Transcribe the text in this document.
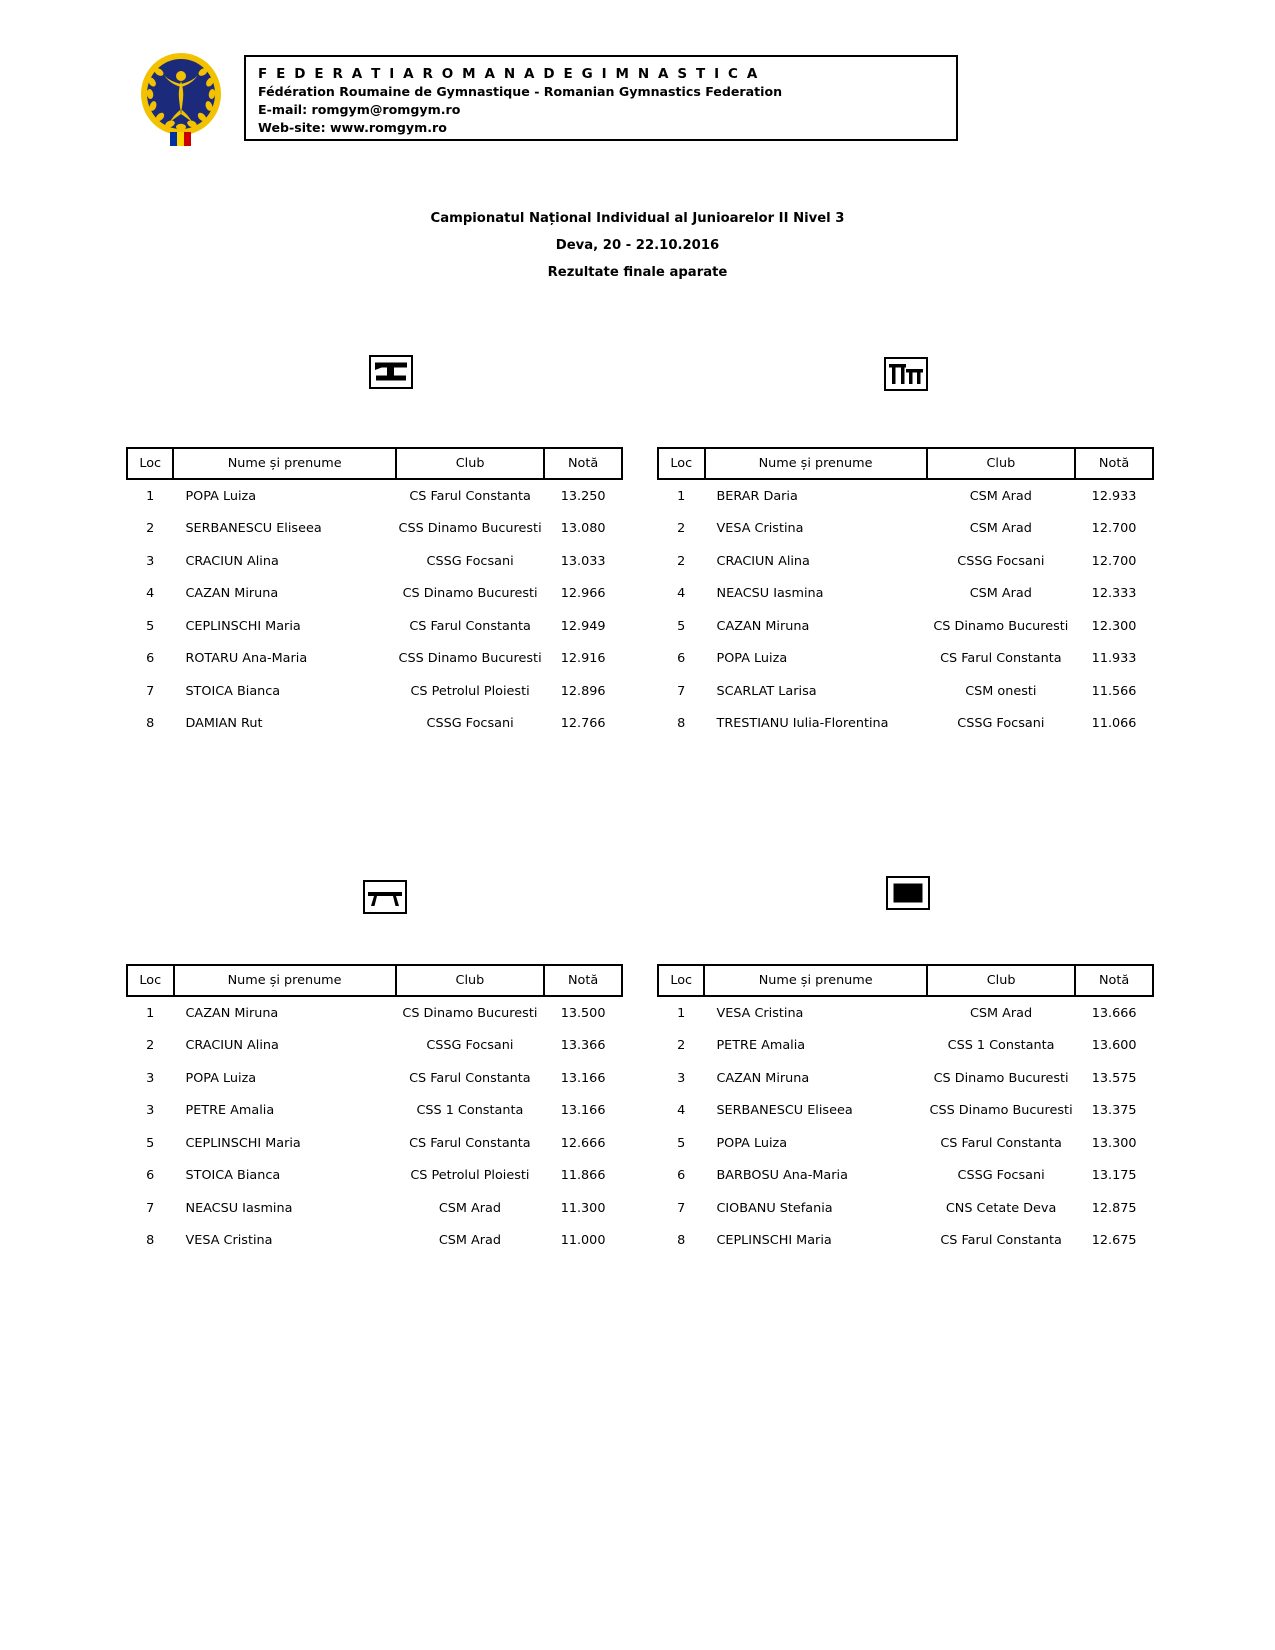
F E D E R A T I A R O M A N A D E G I M N A S T I C A
Fédération Roumaine de Gymnastique - Romanian Gymnastics Federation
E-mail: romgym@romgym.ro
Web-site: www.romgym.ro
Campionatul Național Individual al Junioarelor II Nivel 3
Deva, 20 - 22.10.2016
Rezultate finale aparate
Loc	Nume și prenume	Club	Notă
1	POPA Luiza	CS Farul Constanta	13.250
2	SERBANESCU Eliseea	CSS Dinamo Bucuresti	13.080
3	CRACIUN Alina	CSSG Focsani	13.033
4	CAZAN Miruna	CS Dinamo Bucuresti	12.966
5	CEPLINSCHI Maria	CS Farul Constanta	12.949
6	ROTARU Ana-Maria	CSS Dinamo Bucuresti	12.916
7	STOICA Bianca	CS Petrolul Ploiesti	12.896
8	DAMIAN Rut	CSSG Focsani	12.766
Loc	Nume și prenume	Club	Notă
1	BERAR Daria	CSM Arad	12.933
2	VESA Cristina	CSM Arad	12.700
2	CRACIUN Alina	CSSG Focsani	12.700
4	NEACSU Iasmina	CSM Arad	12.333
5	CAZAN Miruna	CS Dinamo Bucuresti	12.300
6	POPA Luiza	CS Farul Constanta	11.933
7	SCARLAT Larisa	CSM onesti	11.566
8	TRESTIANU Iulia-Florentina	CSSG Focsani	11.066
Loc	Nume și prenume	Club	Notă
1	CAZAN Miruna	CS Dinamo Bucuresti	13.500
2	CRACIUN Alina	CSSG Focsani	13.366
3	POPA Luiza	CS Farul Constanta	13.166
3	PETRE Amalia	CSS 1 Constanta	13.166
5	CEPLINSCHI Maria	CS Farul Constanta	12.666
6	STOICA Bianca	CS Petrolul Ploiesti	11.866
7	NEACSU Iasmina	CSM Arad	11.300
8	VESA Cristina	CSM Arad	11.000
Loc	Nume și prenume	Club	Notă
1	VESA Cristina	CSM Arad	13.666
2	PETRE Amalia	CSS 1 Constanta	13.600
3	CAZAN Miruna	CS Dinamo Bucuresti	13.575
4	SERBANESCU Eliseea	CSS Dinamo Bucuresti	13.375
5	POPA Luiza	CS Farul Constanta	13.300
6	BARBOSU Ana-Maria	CSSG Focsani	13.175
7	CIOBANU Stefania	CNS Cetate Deva	12.875
8	CEPLINSCHI Maria	CS Farul Constanta	12.675
